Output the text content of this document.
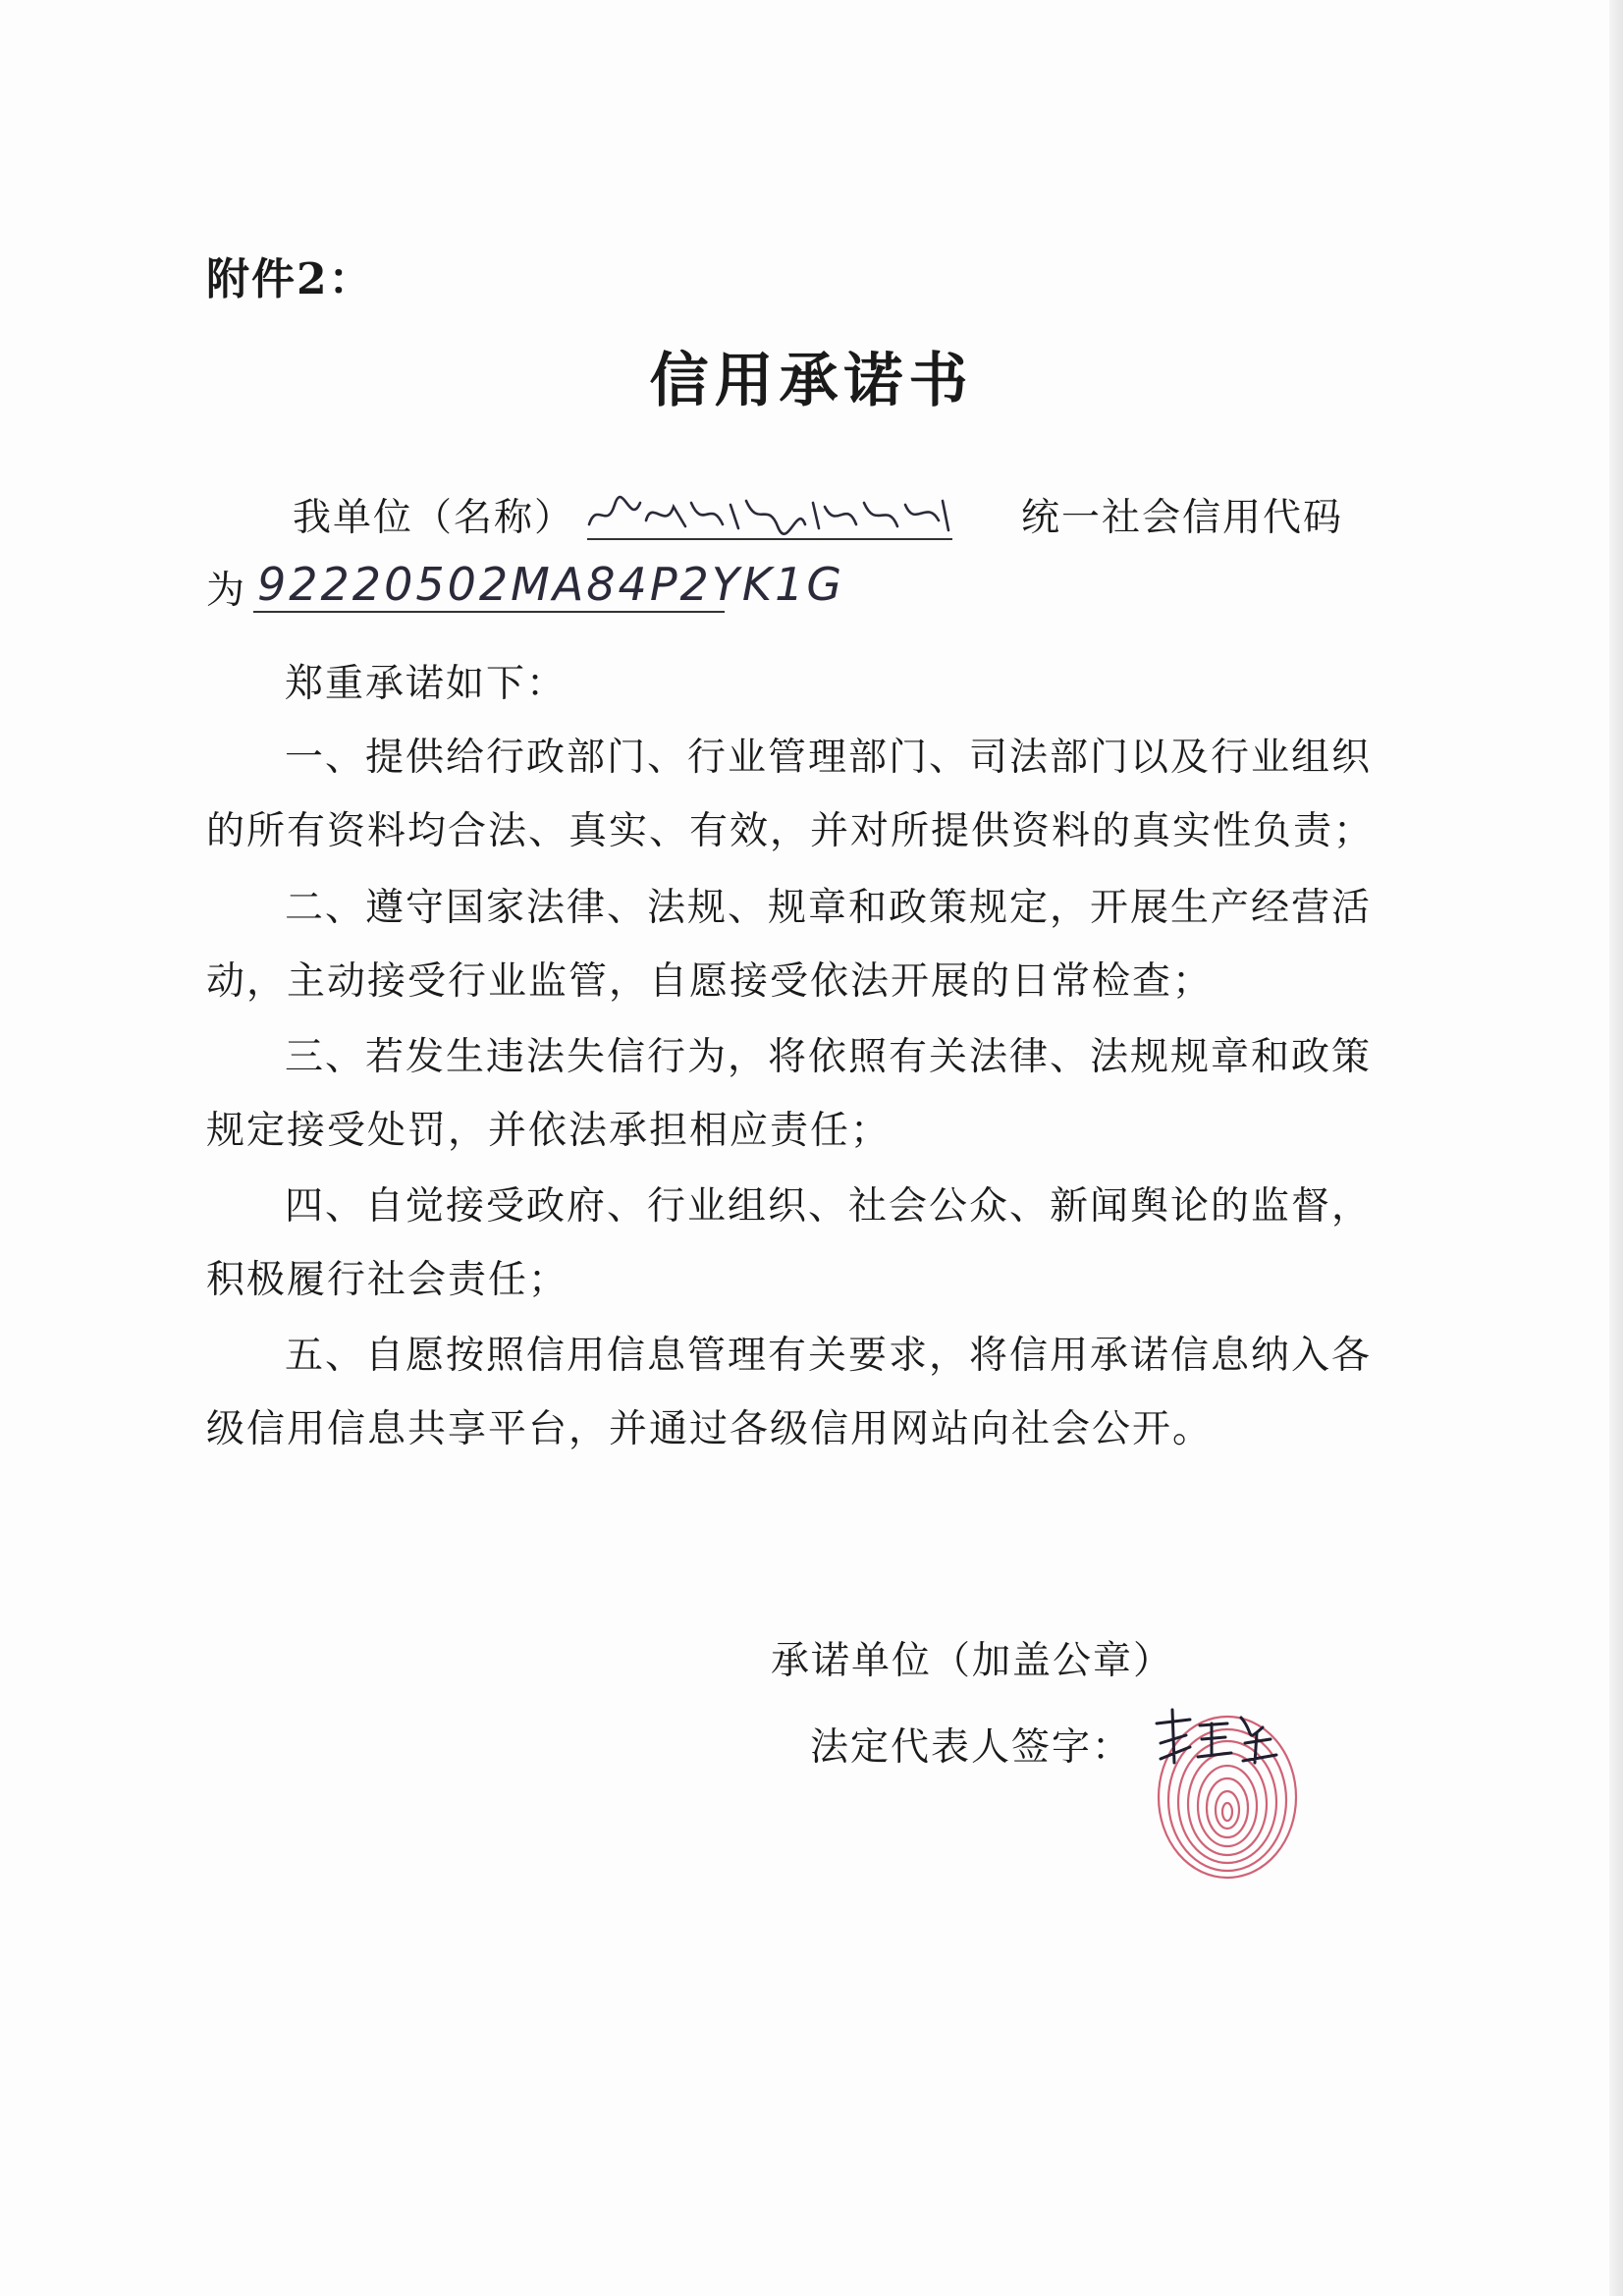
附件2：
信用承诺书
我单位（名称）	统一社会信用代码
为 92220502MA84P2YK1G
郑重承诺如下：
一、提供给行政部门、行业管理部门、司法部门以及行业组织
的所有资料均合法、真实、有效，并对所提供资料的真实性负责；
二、遵守国家法律、法规、规章和政策规定，开展生产经营活
动，主动接受行业监管，自愿接受依法开展的日常检查；
三、若发生违法失信行为，将依照有关法律、法规规章和政策
规定接受处罚，并依法承担相应责任；
四、自觉接受政府、行业组织、社会公众、新闻舆论的监督，
积极履行社会责任；
五、自愿按照信用信息管理有关要求，将信用承诺信息纳入各
级信用信息共享平台，并通过各级信用网站向社会公开。
承诺单位（加盖公章）
法定代表人签字：
